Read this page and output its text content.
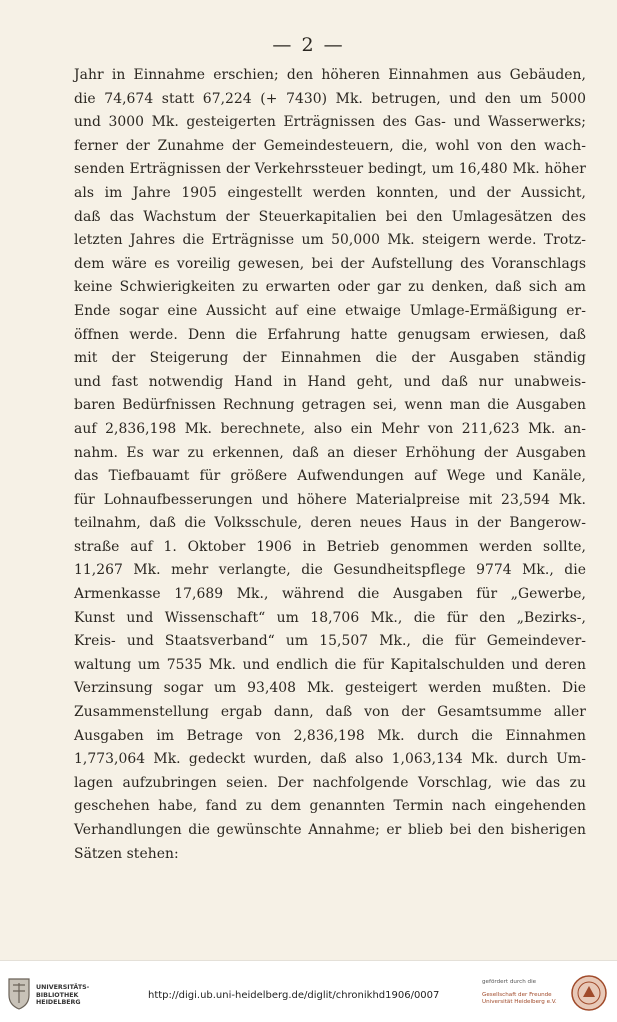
— 2 —
Jahr in Einnahme erschien; den höheren Einnahmen aus Gebäuden,
die 74,674 statt 67,224 (+ 7430) Mk. betrugen, und den um 5000
und 3000 Mk. gesteigerten Erträgnissen des Gas- und Wasserwerks;
ferner der Zunahme der Gemeindesteuern, die, wohl von den wach-
senden Erträgnissen der Verkehrssteuer bedingt, um 16,480 Mk. höher
als im Jahre 1905 eingestellt werden konnten, und der Aussicht,
daß das Wachstum der Steuerkapitalien bei den Umlagesätzen des
letzten Jahres die Erträgnisse um 50,000 Mk. steigern werde. Trotz-
dem wäre es voreilig gewesen, bei der Aufstellung des Voranschlags
keine Schwierigkeiten zu erwarten oder gar zu denken, daß sich am
Ende sogar eine Aussicht auf eine etwaige Umlage-Ermäßigung er-
öffnen werde. Denn die Erfahrung hatte genugsam erwiesen, daß
mit der Steigerung der Einnahmen die der Ausgaben ständig
und fast notwendig Hand in Hand geht, und daß nur unabweis-
baren Bedürfnissen Rechnung getragen sei, wenn man die Ausgaben
auf 2,836,198 Mk. berechnete, also ein Mehr von 211,623 Mk. an-
nahm. Es war zu erkennen, daß an dieser Erhöhung der Ausgaben
das Tiefbauamt für größere Aufwendungen auf Wege und Kanäle,
für Lohnaufbesserungen und höhere Materialpreise mit 23,594 Mk.
teilnahm, daß die Volksschule, deren neues Haus in der Bangerow-
straße auf 1. Oktober 1906 in Betrieb genommen werden sollte,
11,267 Mk. mehr verlangte, die Gesundheitspflege 9774 Mk., die
Armenkasse 17,689 Mk., während die Ausgaben für „Gewerbe,
Kunst und Wissenschaft“ um 18,706 Mk., die für den „Bezirks-,
Kreis- und Staatsverband“ um 15,507 Mk., die für Gemeindever-
waltung um 7535 Mk. und endlich die für Kapitalschulden und deren
Verzinsung sogar um 93,408 Mk. gesteigert werden mußten. Die
Zusammenstellung ergab dann, daß von der Gesamtsumme aller
Ausgaben im Betrage von 2,836,198 Mk. durch die Einnahmen
1,773,064 Mk. gedeckt wurden, daß also 1,063,134 Mk. durch Um-
lagen aufzubringen seien. Der nachfolgende Vorschlag, wie das zu
geschehen habe, fand zu dem genannten Termin nach eingehenden
Verhandlungen die gewünschte Annahme; er blieb bei den bisherigen
Sätzen stehen:
UNIVERSITÄTS-
BIBLIOTHEK
HEIDELBERG
http://digi.ub.uni-heidelberg.de/diglit/chronikhd1906/0007
gefördert durch die
Gesellschaft der Freunde
Universität Heidelberg e.V.
